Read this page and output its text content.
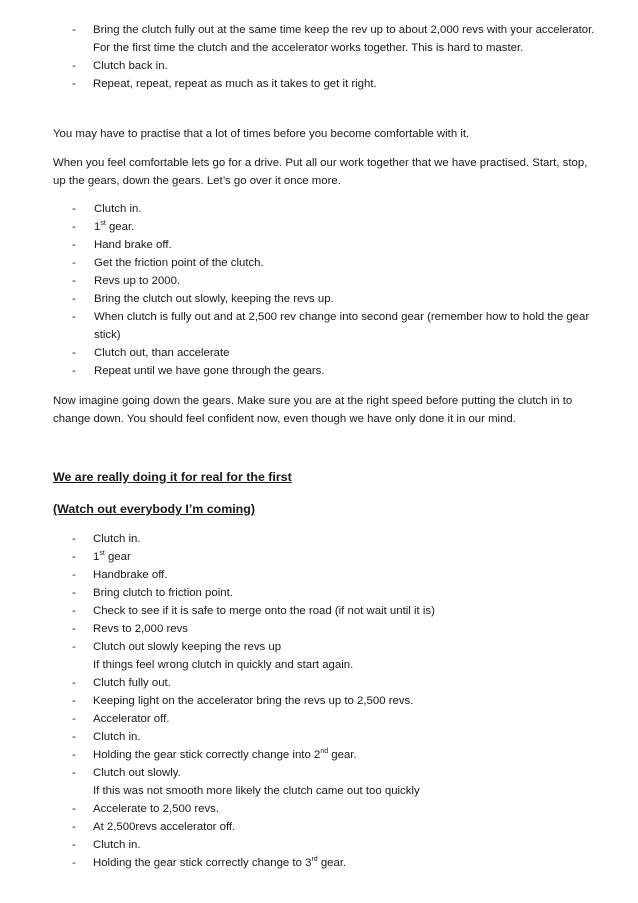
- Bring the clutch fully out at the same time keep the rev up to about 2,000 revs with your accelerator. For the first time the clutch and the accelerator works together. This is hard to master.
- Clutch back in.
- Repeat, repeat, repeat as much as it takes to get it right.

You may have to practise that a lot of times before you become comfortable with it.

When you feel comfortable lets go for a drive. Put all our work together that we have practised. Start, stop, up the gears, down the gears. Let’s go over it once more.

- Clutch in.
- 1st gear.
- Hand brake off.
- Get the friction point of the clutch.
- Revs up to 2000.
- Bring the clutch out slowly, keeping the revs up.
- When clutch is fully out and at 2,500 rev change into second gear (remember how to hold the gear stick)
- Clutch out, than accelerate
- Repeat until we have gone through the gears.

Now imagine going down the gears. Make sure you are at the right speed before putting the clutch in to change down. You should feel confident now, even though we have only done it in our mind.

We are really doing it for real for the first
(Watch out everybody I’m coming)
- Clutch in.
- 1st gear
- Handbrake off.
- Bring clutch to friction point.
- Check to see if it is safe to merge onto the road (if not wait until it is)
- Revs to 2,000 revs
- Clutch out slowly keeping the revs up
If things feel wrong clutch in quickly and start again.
- Clutch fully out.
- Keeping light on the accelerator bring the revs up to 2,500 revs.
- Accelerator off.
- Clutch in.
- Holding the gear stick correctly change into 2nd gear.
- Clutch out slowly.
If this was not smooth more likely the clutch came out too quickly
- Accelerate to 2,500 revs.
- At 2,500revs accelerator off.
- Clutch in.
- Holding the gear stick correctly change to 3rd gear.
